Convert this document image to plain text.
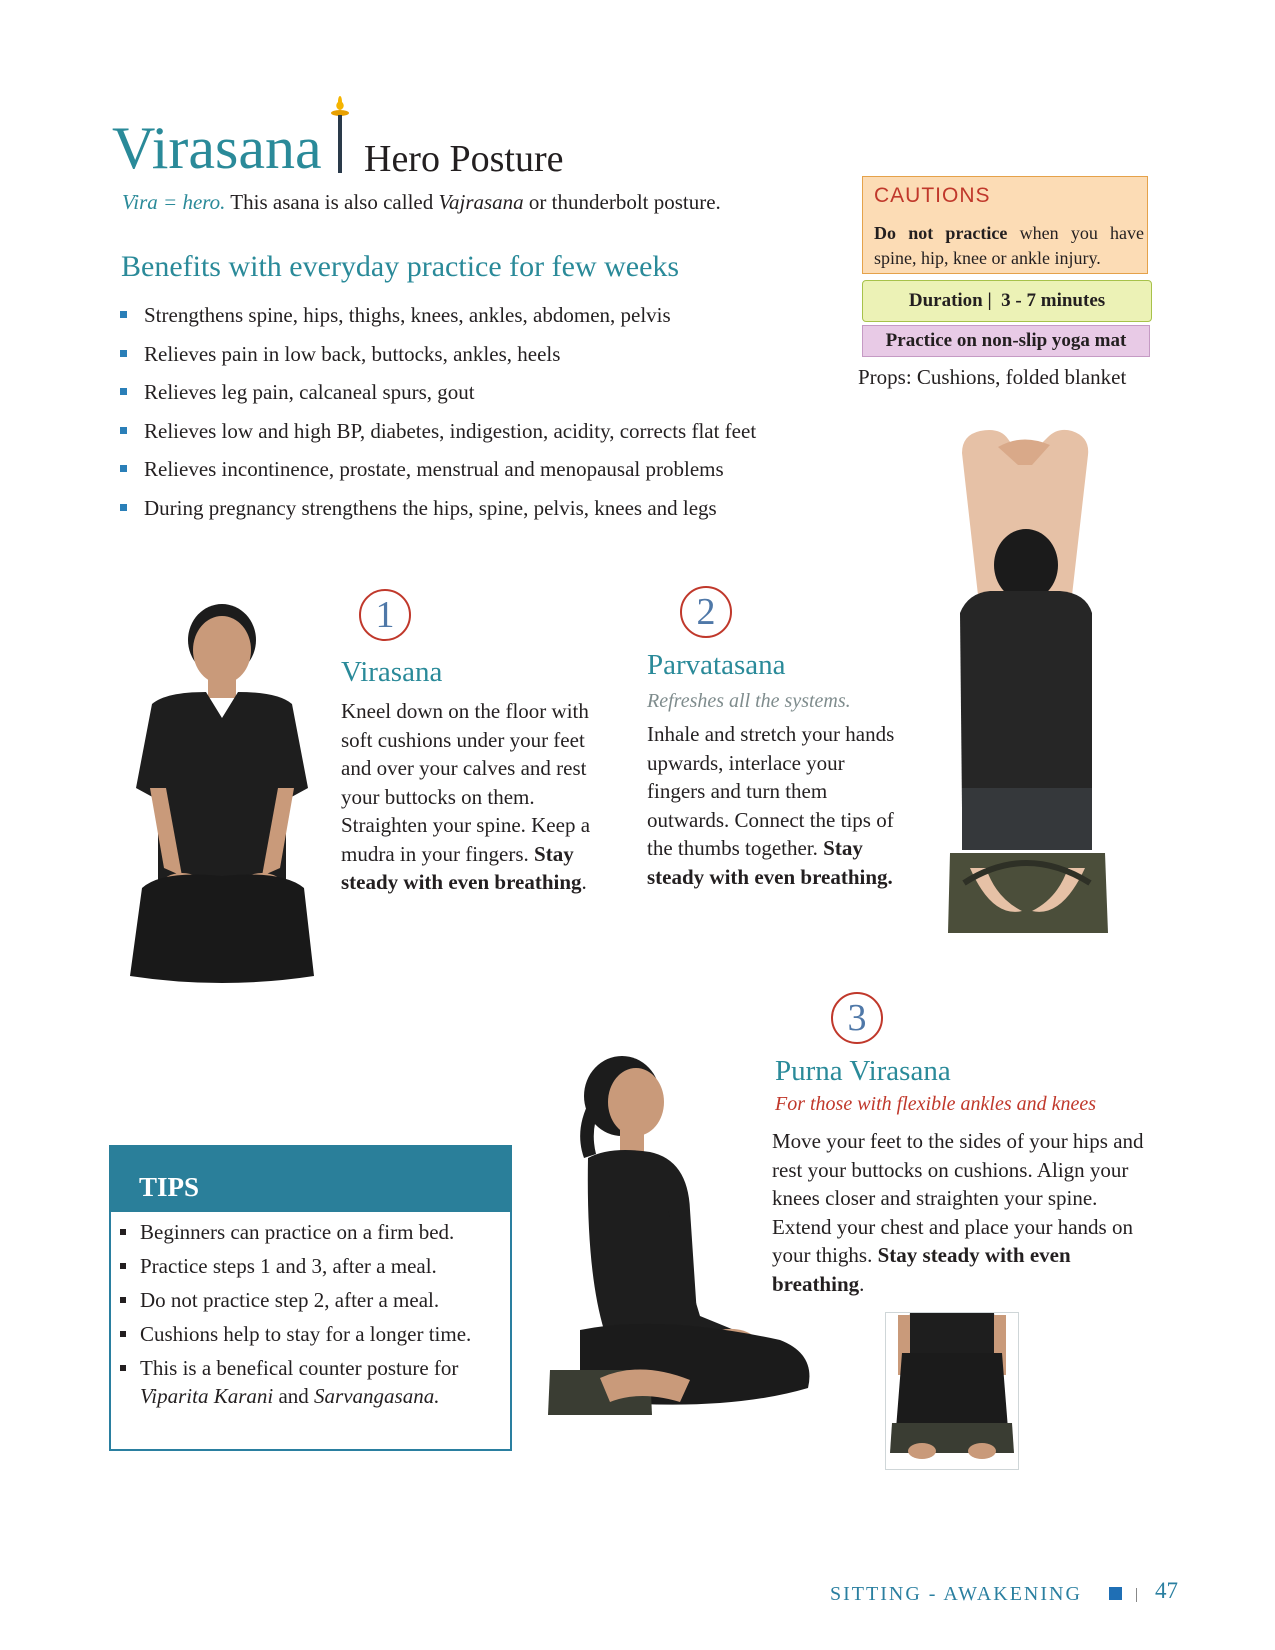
Virasana Hero Posture
Vira = hero. This asana is also called Vajrasana or thunderbolt posture.
Benefits with everyday practice for few weeks
Strengthens spine, hips, thighs, knees, ankles, abdomen, pelvis
Relieves pain in low back, buttocks, ankles, heels
Relieves leg pain, calcaneal spurs, gout
Relieves low and high BP, diabetes, indigestion, acidity, corrects flat feet
Relieves incontinence, prostate, menstrual and menopausal problems
During pregnancy strengthens the hips, spine, pelvis, knees and legs
CAUTIONS
Do not practice when you have spine, hip, knee or ankle injury.
Duration | 3 - 7 minutes
Practice on non-slip yoga mat
Props: Cushions, folded blanket
1
Virasana
Kneel down on the floor with soft cushions under your feet and over your calves and rest your buttocks on them. Straighten your spine. Keep a mudra in your fingers. Stay steady with even breathing.
2
Parvatasana
Refreshes all the systems.
Inhale and stretch your hands upwards, interlace your fingers and turn them outwards. Connect the tips of the thumbs together. Stay steady with even breathing.
3
Purna Virasana
For those with flexible ankles and knees
Move your feet to the sides of your hips and rest your buttocks on cushions. Align your knees closer and straighten your spine. Extend your chest and place your hands on your thighs. Stay steady with even breathing.
TIPS
Beginners can practice on a firm bed.
Practice steps 1 and 3, after a meal.
Do not practice step 2, after a meal.
Cushions help to stay for a longer time.
This is a benefical counter posture for Viparita Karani and Sarvangasana.
SITTING - AWAKENING	47
